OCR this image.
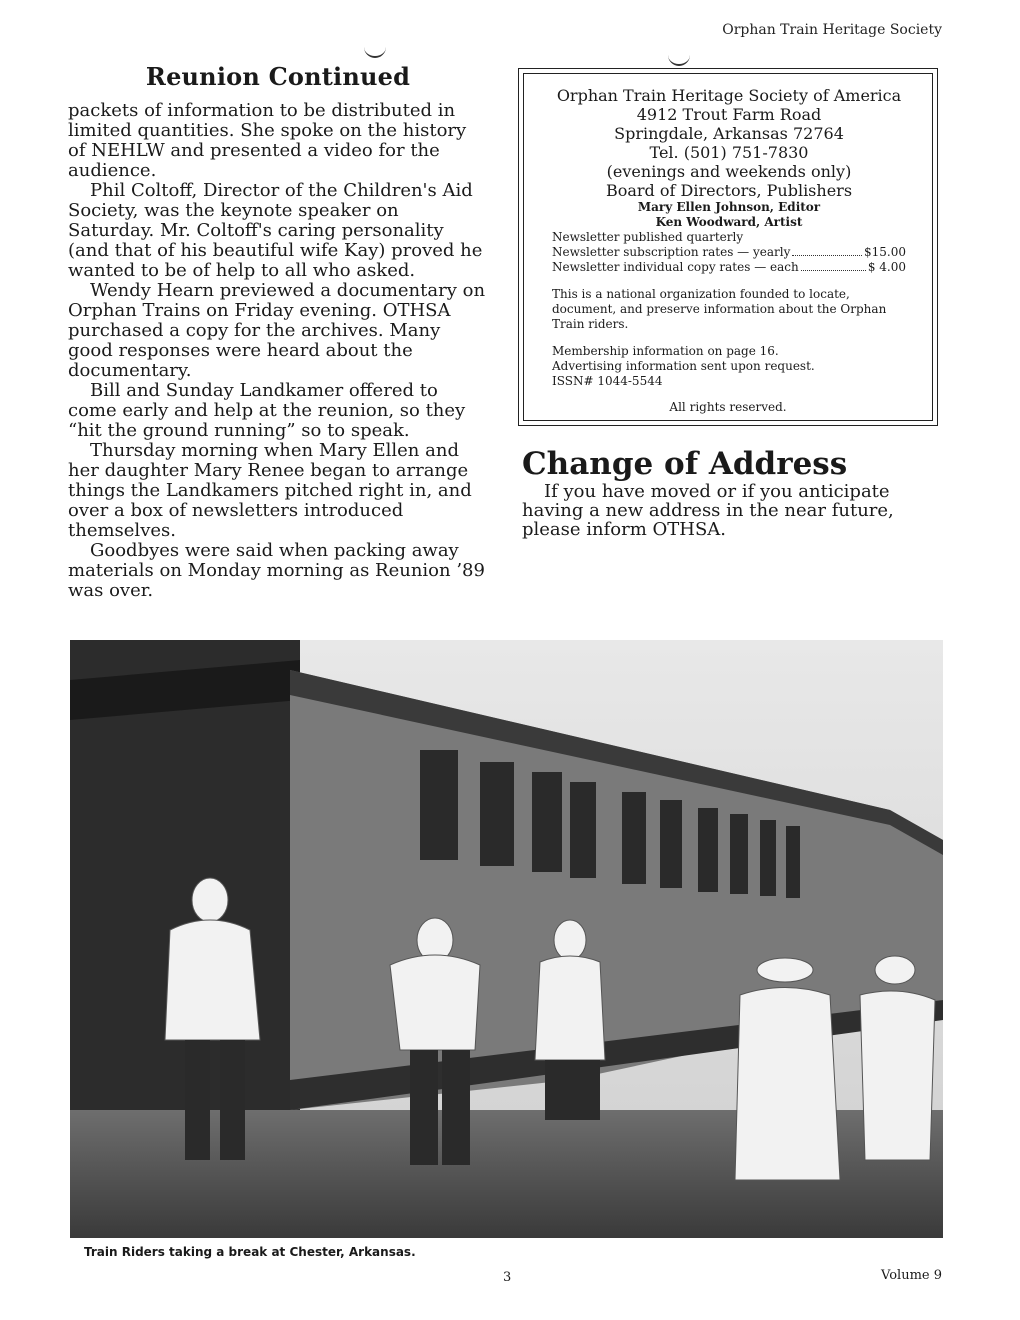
Orphan Train Heritage Society
Reunion Continued

packets of information to be distributed in limited quantities. She spoke on the history of NEHLW and presented a video for the audience.

Phil Coltoff, Director of the Children's Aid Society, was the keynote speaker on Saturday. Mr. Coltoff's caring personality (and that of his beautiful wife Kay) proved he wanted to be of help to all who asked.

Wendy Hearn previewed a documentary on Orphan Trains on Friday evening. OTHSA purchased a copy for the archives. Many good responses were heard about the documentary.

Bill and Sunday Landkamer offered to come early and help at the reunion, so they “hit the ground running” so to speak.

Thursday morning when Mary Ellen and her daughter Mary Renee began to arrange things the Landkamers pitched right in, and over a box of newsletters introduced themselves.

Goodbyes were said when packing away materials on Monday morning as Reunion ’89 was over.

Orphan Train Heritage Society of America

4912 Trout Farm Road

Springdale, Arkansas 72764

Tel. (501) 751-7830

(evenings and weekends only)

Board of Directors, Publishers

Mary Ellen Johnson, Editor

Ken Woodward, Artist

Newsletter published quarterly

Newsletter subscription rates — yearly	$15.00
Newsletter individual copy rates — each	$ 4.00

This is a national organization founded to locate, document, and preserve information about the Orphan Train riders.

Membership information on page 16.

Advertising information sent upon request.

ISSN# 1044-5544

All rights reserved.
Change of Address

If you have moved or if you anticipate having a new address in the near future, please inform OTHSA.

Train Riders taking a break at Chester, Arkansas.
3	Volume 9
